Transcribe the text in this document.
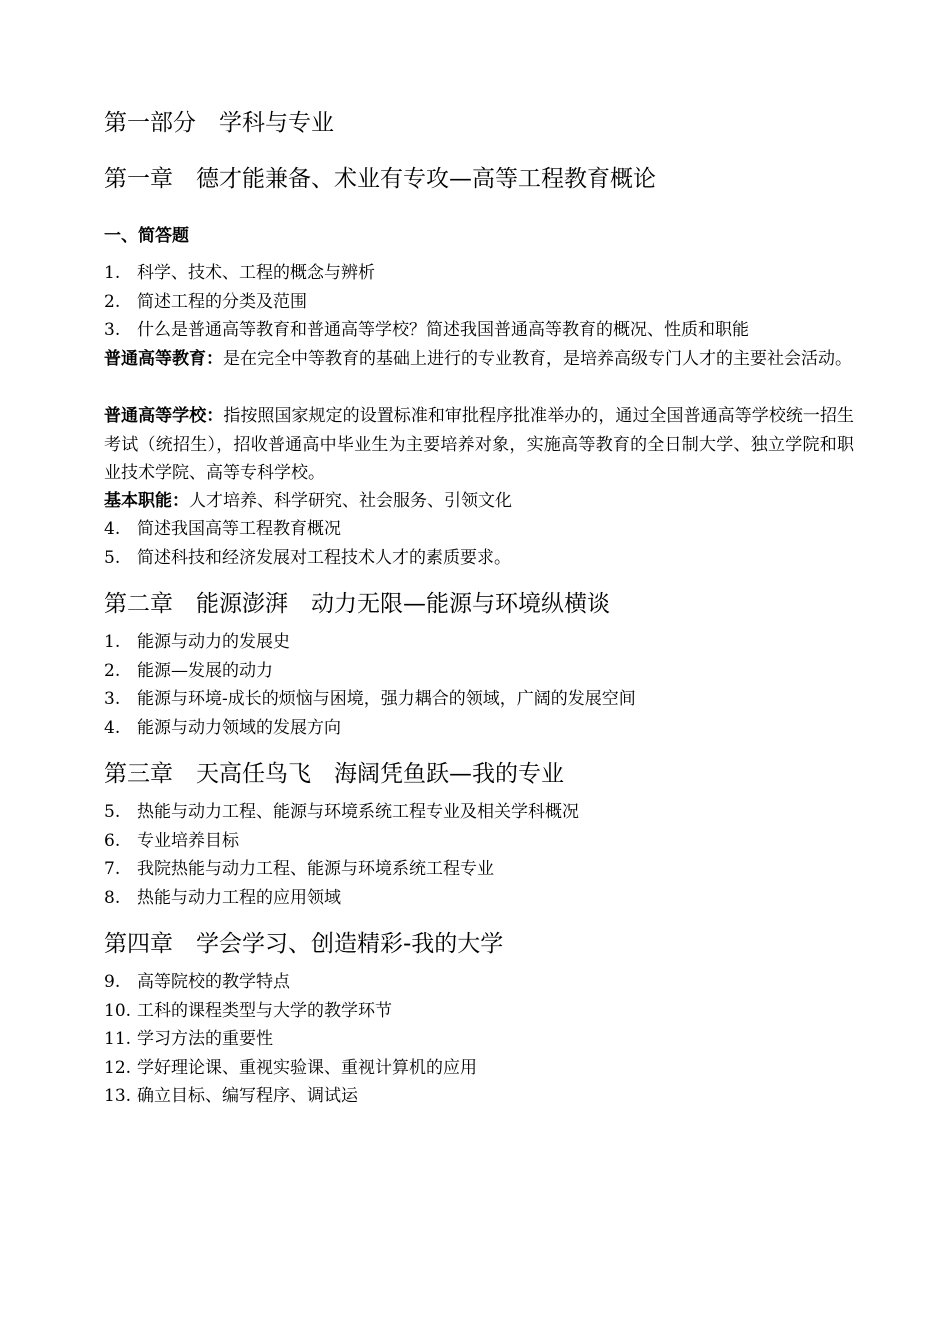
第一部分　学科与专业
第一章　德才能兼备、术业有专攻—高等工程教育概论
一、简答题
1. 科学、技术、工程的概念与辨析
2. 简述工程的分类及范围
3. 什么是普通高等教育和普通高等学校？简述我国普通高等教育的概况、性质和职能
普通高等教育：是在完全中等教育的基础上进行的专业教育，是培养高级专门人才的主要社会活动。
普通高等学校：指按照国家规定的设置标准和审批程序批准举办的，通过全国普通高等学校统一招生考试（统招生），招收普通高中毕业生为主要培养对象，实施高等教育的全日制大学、独立学院和职业技术学院、高等专科学校。
基本职能：人才培养、科学研究、社会服务、引领文化
4. 简述我国高等工程教育概况
5. 简述科技和经济发展对工程技术人才的素质要求。
第二章　能源澎湃　动力无限—能源与环境纵横谈
1. 能源与动力的发展史
2. 能源—发展的动力
3. 能源与环境-成长的烦恼与困境，强力耦合的领域，广阔的发展空间
4. 能源与动力领域的发展方向
第三章　天高任鸟飞　海阔凭鱼跃—我的专业
5. 热能与动力工程、能源与环境系统工程专业及相关学科概况
6. 专业培养目标
7. 我院热能与动力工程、能源与环境系统工程专业
8. 热能与动力工程的应用领域
第四章　学会学习、创造精彩-我的大学
9. 高等院校的教学特点
10. 工科的课程类型与大学的教学环节
11. 学习方法的重要性
12. 学好理论课、重视实验课、重视计算机的应用
13. 确立目标、编写程序、调试运
